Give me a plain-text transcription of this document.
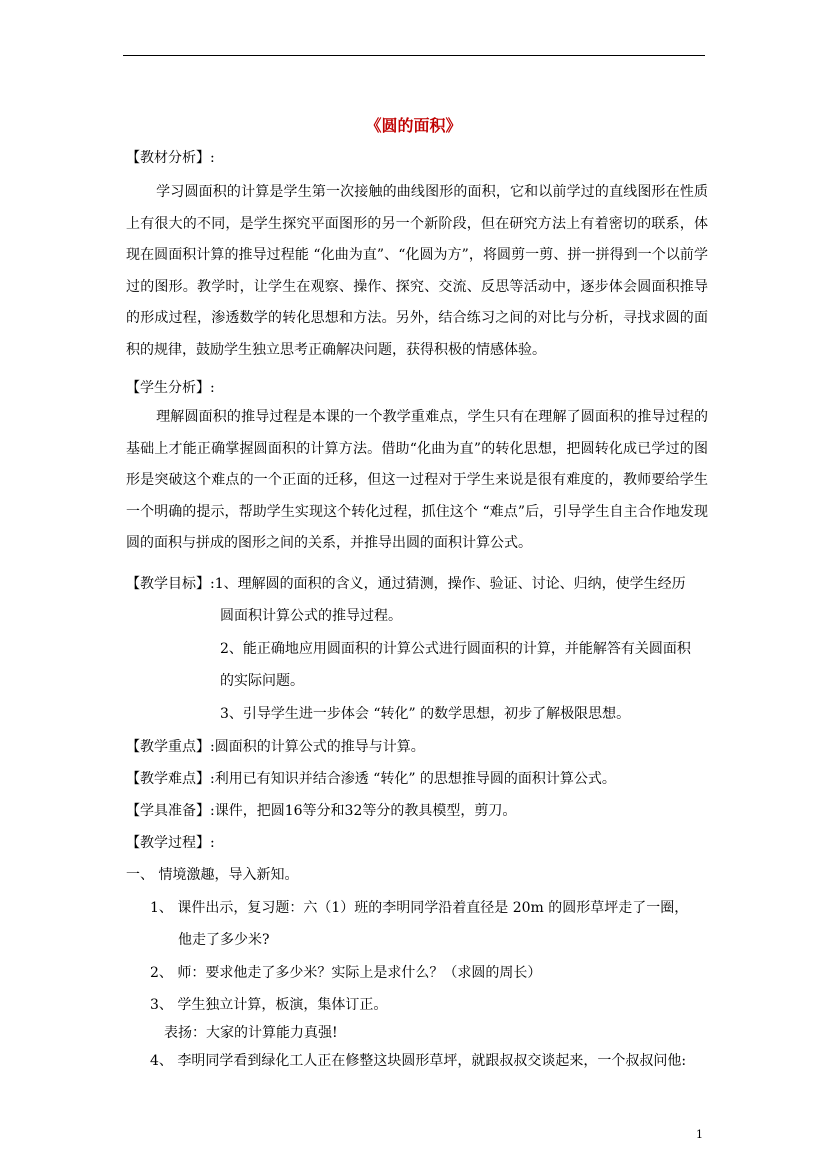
《圆的面积》
【教材分析】:
学习圆面积的计算是学生第一次接触的曲线图形的面积，它和以前学过的直线图形在性质上有很大的不同，是学生探究平面图形的另一个新阶段，但在研究方法上有着密切的联系，体现在圆面积计算的推导过程能 “化曲为直”、“化圆为方”，将圆剪一剪、拼一拼得到一个以前学过的图形。教学时，让学生在观察、操作、探究、交流、反思等活动中，逐步体会圆面积推导的形成过程，渗透数学的转化思想和方法。另外，结合练习之间的对比与分析，寻找求圆的面积的规律，鼓励学生独立思考正确解决问题，获得积极的情感体验。
【学生分析】:
理解圆面积的推导过程是本课的一个教学重难点，学生只有在理解了圆面积的推导过程的基础上才能正确掌握圆面积的计算方法。借助“化曲为直”的转化思想，把圆转化成已学过的图形是突破这个难点的一个正面的迁移，但这一过程对于学生来说是很有难度的，教师要给学生一个明确的提示，帮助学生实现这个转化过程，抓住这个 “难点”后，引导学生自主合作地发现圆的面积与拼成的图形之间的关系，并推导出圆的面积计算公式。
【教学目标】:1、理解圆的面积的含义，通过猜测，操作、验证、讨论、归纳，使学生经历
圆面积计算公式的推导过程。
2、能正确地应用圆面积的计算公式进行圆面积的计算，并能解答有关圆面积
的实际问题。
3、引导学生进一步体会 “转化” 的数学思想，初步了解极限思想。
【教学重点】:圆面积的计算公式的推导与计算。
【教学难点】:利用已有知识并结合渗透 “转化” 的思想推导圆的面积计算公式。
【学具准备】:课件，把圆16等分和32等分的教具模型，剪刀。
【教学过程】:
一、 情境激趣，导入新知。
1、 课件出示，复习题：六（1）班的李明同学沿着直径是 20m 的圆形草坪走了一圈，
他走了多少米?
2、 师：要求他走了多少米？实际上是求什么？（求圆的周长）
3、 学生独立计算，板演，集体订正。
表扬：大家的计算能力真强!
4、 李明同学看到绿化工人正在修整这块圆形草坪，就跟叔叔交谈起来，一个叔叔问他:
1
